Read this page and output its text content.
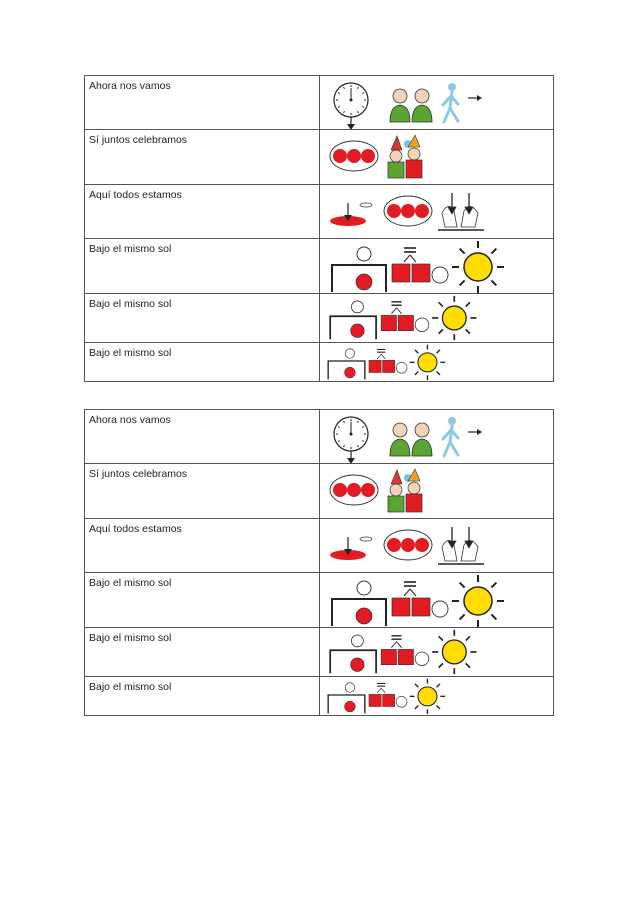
Ahora nos vamos	

Sí juntos celebramos	

Aquí todos estamos	

Bajo el mismo sol	

Bajo el mismo sol	

Bajo el mismo sol	
Ahora nos vamos	

Sí juntos celebramos	

Aquí todos estamos	

Bajo el mismo sol	

Bajo el mismo sol	

Bajo el mismo sol	
